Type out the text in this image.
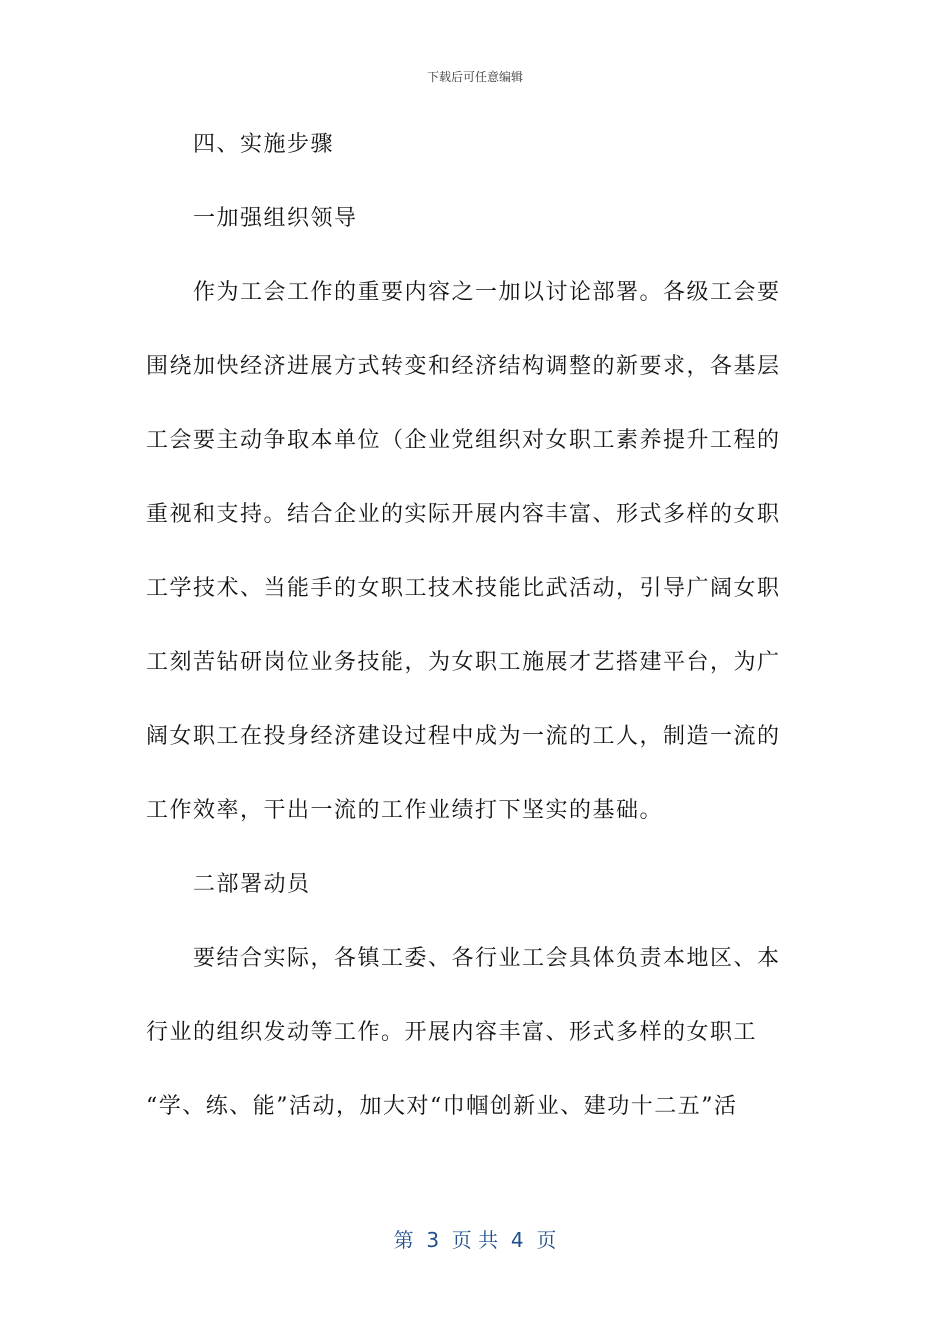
下载后可任意编辑
四、实施步骤
一加强组织领导
作为工会工作的重要内容之一加以讨论部署。各级工会要
围绕加快经济进展方式转变和经济结构调整的新要求，各基层
工会要主动争取本单位（企业党组织对女职工素养提升工程的
重视和支持。结合企业的实际开展内容丰富、形式多样的女职
工学技术、当能手的女职工技术技能比武活动，引导广阔女职
工刻苦钻研岗位业务技能，为女职工施展才艺搭建平台，为广
阔女职工在投身经济建设过程中成为一流的工人，制造一流的
工作效率，干出一流的工作业绩打下坚实的基础。
二部署动员
要结合实际，各镇工委、各行业工会具体负责本地区、本
行业的组织发动等工作。开展内容丰富、形式多样的女职工
“学、练、能”活动，加大对“巾帼创新业、建功十二五”活
第  3  页 共  4  页
